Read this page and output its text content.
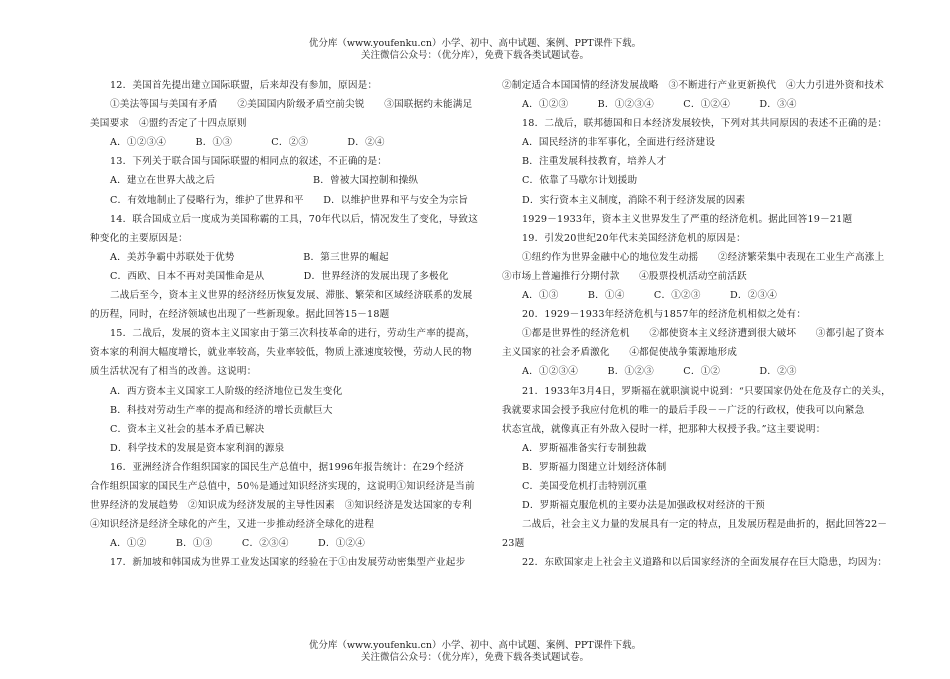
优分库（www.youfenku.cn）小学、初中、高中试题、案例、PPT课件下载。
关注微信公众号：（优分库），免费下载各类试题试卷。
12．美国首先提出建立国际联盟，后来却没有参加，原因是：
①美法等国与美国有矛盾　　②美国国内阶级矛盾空前尖锐　　③国联据约未能满足
美国要求　④盟约否定了十四点原则
A．①②③④　　　B．①③　　　　C．②③　　　　D．②④
13．下列关于联合国与国际联盟的相同点的叙述，不正确的是：
A．建立在世界大战之后　　　　　　　　　　B．曾被大国控制和操纵
C．有效地制止了侵略行为，维护了世界和平　　D．以维护世界和平与安全为宗旨
14．联合国成立后一度成为美国称霸的工具，70年代以后，情况发生了变化，导致这
种变化的主要原因是：
A．美苏争霸中苏联处于优势　　　　　　　B．第三世界的崛起
C．西欧、日本不再对美国惟命是从　　　　D．世界经济的发展出现了多极化
二战后至今，资本主义世界的经济经历恢复发展、滞胀、繁荣和区域经济联系的发展
的历程，同时，在经济领域也出现了一些新现象。据此回答15－18题
15．二战后，发展的资本主义国家由于第三次科技革命的进行，劳动生产率的提高，
资本家的利润大幅度增长，就业率较高，失业率较低，物质上涨速度较慢，劳动人民的物
质生活状况有了相当的改善。这说明：
A．西方资本主义国家工人阶级的经济地位已发生变化
B．科技对劳动生产率的提高和经济的增长贡献巨大
C．资本主义社会的基本矛盾已解决
D．科学技术的发展是资本家利润的源泉
16．亚洲经济合作组织国家的国民生产总值中，据1996年报告统计：在29个经济
合作组织国家的国民生产总值中，50％是通过知识经济实现的，这说明①知识经济是当前
世界经济的发展趋势　②知识成为经济发展的主导性因素　③知识经济是发达国家的专利
④知识经济是经济全球化的产生，又进一步推动经济全球化的进程
A．①②　　　B．①③　　　C．②③④　　　D．①②④
17．新加坡和韩国成为世界工业发达国家的经验在于①由发展劳动密集型产业起步
②制定适合本国国情的经济发展战略　③不断进行产业更新换代　④大力引进外资和技术
A．①②③　　　B．①②③④　　　C．①②④　　　D．③④
18．二战后，联邦德国和日本经济发展较快，下列对其共同原因的表述不正确的是：
A．国民经济的非军事化，全面进行经济建设
B．注重发展科技教育，培养人才
C．依靠了马歇尔计划援助
D．实行资本主义制度，消除不利于经济发展的因素
1929－1933年，资本主义世界发生了严重的经济危机。据此回答19－21题
19．引发20世纪20年代末美国经济危机的原因是：
①纽约作为世界金融中心的地位发生动摇　　②经济繁荣集中表现在工业生产高涨上
③市场上普遍推行分期付款　　④股票投机活动空前活跃
A．①③　　　B．①④　　　C．①②③　　　D．②③④
20．1929－1933年经济危机与1857年的经济危机相似之处有：
①都是世界性的经济危机　　②都使资本主义经济遭到很大破坏　　③都引起了资本
主义国家的社会矛盾激化　　④都促使战争策源地形成
A．①②③④　　　B．①②③　　　C．①②　　　　D．②③
21．1933年3月4日，罗斯福在就职演说中说到：“只要国家仍处在危及存亡的关头，
我就要求国会授予我应付危机的唯一的最后手段－－广泛的行政权，使我可以向紧急
状态宣战，就像真正有外敌入侵时一样，把那种大权授予我。”这主要说明：
A．罗斯福准备实行专制独裁
B．罗斯福力图建立计划经济体制
C．美国受危机打击特别沉重
D．罗斯福克服危机的主要办法是加强政权对经济的干预
二战后，社会主义力量的发展具有一定的特点，且发展历程是曲折的，据此回答22－
23题
22．东欧国家走上社会主义道路和以后国家经济的全面发展存在巨大隐患，均因为：
优分库（www.youfenku.cn）小学、初中、高中试题、案例、PPT课件下载。
关注微信公众号：（优分库），免费下载各类试题试卷。
